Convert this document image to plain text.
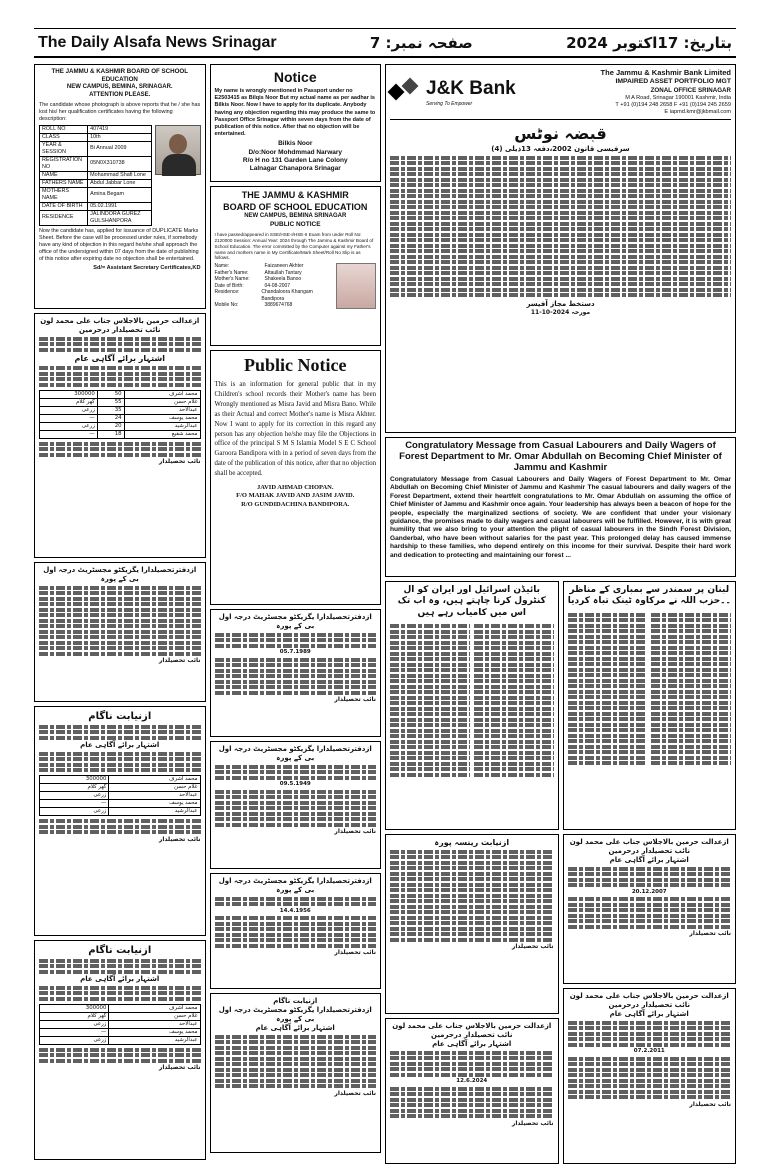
The Daily Alsafa News Srinagar	صفحہ نمبر: 7	بتاریخ: 17اکتوبر 2024
THE JAMMU & KASHMIR BOARD OF SCHOOL EDUCATION
NEW CAMPUS, BEMINA, SRINAGAR.
ATTENTION PLEASE.
The candidate whose photograph is above reports that he / she has lost his/ her qualification certificates having the following description:
ROLL NO	407419
CLASS	10th
YEAR & SESSION	Bi Annual 2009
REGISTRATION NO	05N0X310738
NAME	Mohammad Shafi Lone
FATHERS NAME	Abdul Jabbar Lone
MOTHERS NAME	Amina Begam
DATE OF BIRTH	05.02.1991
RESIDENCE	JALINDORA GUREZ GULSHANPORA
Now the candidate has, applied for issuance of DUPLICATE Marks Sheet. Before the case will be processed under rules, if somebody have any kind of objection in this regard he/she shall approach the office of the undersigned within 07 days from the date of publishing of this notice after expiring date no objection shall be entertained.
Sd/= Assistant Secretary Certificates,KD
ازعدالت حرمین بالاجلاس جناب علی محمد لون نائب تحصیلدار درحرمین
اشتہار برائے آگاہی عام
محمد اشرف	50	300000
غلام حسن	55	گھر کلام
عبدالاحد	35	زرعی
محمد یوسف	24	—
عبدالرشید	20	زرعی
محمد شفیع	18	—
نائب تحصیلدار
ازدفترتحصیلدارا یگزیکٹو مجسٹریٹ درجہ اول بی کے پورہ
نائب تحصیلدار
ازنیابت ناگام
اشتہار برائے آگاہی عام
محمد اشرف	300000
غلام حسن	گھر کلام
عبدالاحد	زرعی
محمد یوسف	—
عبدالرشید	زرعی
نائب تحصیلدار
ازنیابت ناگام
اشتہار برائے آگاہی عام
محمد اشرف	300000
غلام حسن	گھر کلام
عبدالاحد	زرعی
محمد یوسف	—
عبدالرشید	زرعی
نائب تحصیلدار
Notice
My name is wrongly mentioned in Passport under no E2503415 as Bilqis Noor But my actual name as per aadhar is Bilkis Noor. Now I have to apply for its duplicate. Anybody having any objection regarding this may produce the same to Passport Office Srinagar within seven days from the date of publication of this notice. After that no objection will be entertained.
Bilkis Noor
D/o:Noor Mohdmmad Narwary
R/o H no 131 Garden Lane Colony
Lalnagar Chanapora Srinagar
THE JAMMU & KASHMIR
BOARD OF SCHOOL EDUCATION
NEW CAMPUS, BEMINA SRINAGAR
PUBLIC NOTICE
I have passed/appeared in SSE/HSE-I/HSE-II Exam from under Roll No: 2120000 Session: Annual Year: 2024 through The Jammu & Kashmir Board of School Education. The error committed by the Computer against my Father's name and mothers name in My Certificate/Mark Sheet/Roll No Slip is as follows.
Name:	Faizaneen Akhter
Father's Name:	Attaullah Tantary
Mother's Name:	Shakeela Banoo
Date of Birth:	04-08-2007
Residence:	Chandaloora Khangam Bandipora
Mobile No:	3889674768
Public Notice
This is an information for general public that in my Children's school records their Mother's name has been Wrongly mentioned as Misra Javid and Misra Bano. While as their Actual and correct Mother's name is Misra Akhter. Now I want to apply for its correction in this regard any person has any objection he/she may file the Objections in office of the principal S M S Islamia Model S E C School Garoora Bandipora with in a period of seven days from the date of the publication of this notice, after that no objection shall be accepted.
JAVID AHMAD CHOPAN.
F/O MAHAK JAVID AND JASIM JAVID.
R/O GUNDIDACHINA BANDIPORA.
ازدفترتحصیلدارا یگزیکٹو مجسٹریٹ درجہ اول بی کے پورہ
05.7.1989
نائب تحصیلدار
ازدفترتحصیلدارا یگزیکٹو مجسٹریٹ درجہ اول بی کے پورہ
09.5.1949
نائب تحصیلدار
ازدفترتحصیلدارا یگزیکٹو مجسٹریٹ درجہ اول بی کے پورہ
14.4.1956
نائب تحصیلدار
ازنیابت ناگام
ازدفترتحصیلدارا یگزیکٹو مجسٹریٹ درجہ اول بی کے پورہ
اشتہار برائے آگاہی عام
نائب تحصیلدار
J&K Bank
Serving To Empower
The Jammu & Kashmir Bank Limited
IMPAIRED ASSET PORTFOLIO MGT
ZONAL OFFICE SRINAGAR
M A Road, Srinagar 190001 Kashmir, India
T +91 (0)194 248 2658 F +91 (0)194 245 2659
E iapmd.kmr@jkbmail.com
قبضہ نوٹس
سرفیسی قانون 2002،دفعہ 13ذیلی (4)
دستخط مجاز آفیسر
مورخہ 2024-10-11
Congratulatory Message from Casual Labourers and Daily Wagers of Forest Department to Mr. Omar Abdullah on Becoming Chief Minister of Jammu and Kashmir
Congratulatory Message from Casual Labourers and Daily Wagers of Forest Department to Mr. Omar Abdullah on Becoming Chief Minister of Jammu and Kashmir The casual labourers and daily wagers of the Forest Department, extend their heartfelt congratulations to Mr. Omar Abdullah on assuming the office of Chief Minister of Jammu and Kashmir once again. Your leadership has always been a beacon of hope for the people, especially the marginalized sections of society. We are confident that under your visionary guidance, the promises made to daily wagers and casual labourers will be fulfilled. However, it is with great humility that we also bring to your attention the plight of casual labourers in the Sindh Forest Division, Ganderbal, who have been without salaries for the past year. This prolonged delay has caused immense hardship to these families, who depend entirely on this income for their survival. Despite their hard work and dedication to protecting and maintaining our forest ...
بائیڈن اسرائیل اور ایران کو ال کنٹرول کرنا چاہتے ہیں، وہ اب تک اس میں کامیاب رہے ہیں
لبنان پر سمندر سے بمباری کے مناظر ۔۔حزب اللہ نے مرکاوہ ٹینک تباہ کردیا
ازنیابت رینسہ پورہ
نائب تحصیلدار
ازعدالت حرمین بالاجلاس جناب علی محمد لون نائب تحصیلدار درحرمین
اشتہار برائے آگاہی عام
12.6.2024
نائب تحصیلدار
ازعدالت حرمین بالاجلاس جناب علی محمد لون نائب تحصیلدار درحرمین
اشتہار برائے آگاہی عام
20.12.2007
نائب تحصیلدار
ازعدالت حرمین بالاجلاس جناب علی محمد لون نائب تحصیلدار درحرمین
اشتہار برائے آگاہی عام
07.2.2011
نائب تحصیلدار
